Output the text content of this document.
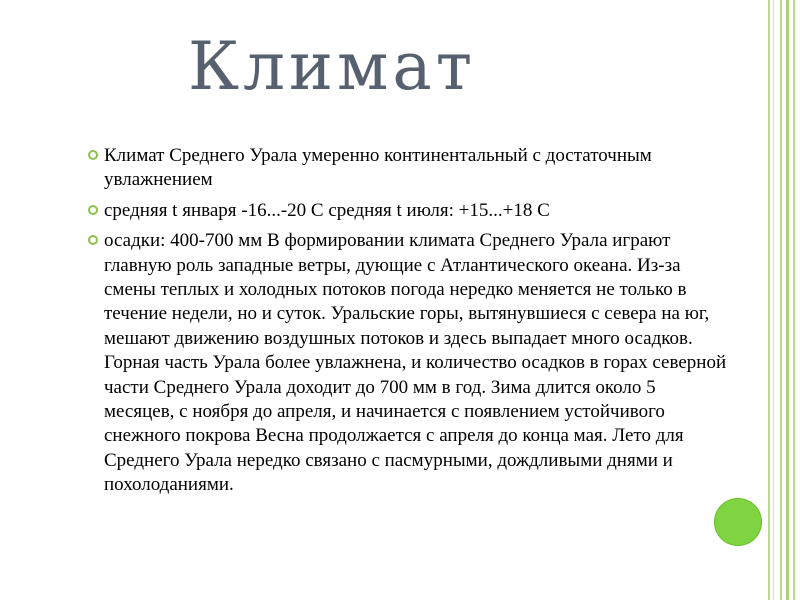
Климат
Климат Среднего Урала умеренно континентальный с достаточным увлажнением
средняя t января -16...-20 C средняя t июля: +15...+18 С
осадки: 400-700 мм В формировании климата Среднего Урала играют главную роль западные ветры, дующие с Атлантического океана. Из-за смены теплых и холодных потоков погода нередко меняется не только в течение недели, но и суток. Уральские горы, вытянувшиеся с севера на юг, мешают движению воздушных потоков и здесь выпадает много осадков. Горная часть Урала более увлажнена, и количество осадков в горах северной части Среднего Урала доходит до 700 мм в год. Зима длится около 5 месяцев, с ноября до апреля, и начинается с появлением устойчивого снежного покрова Весна продолжается с апреля до конца мая. Лето для Среднего Урала нередко связано с пасмурными, дождливыми днями и похолоданиями.
